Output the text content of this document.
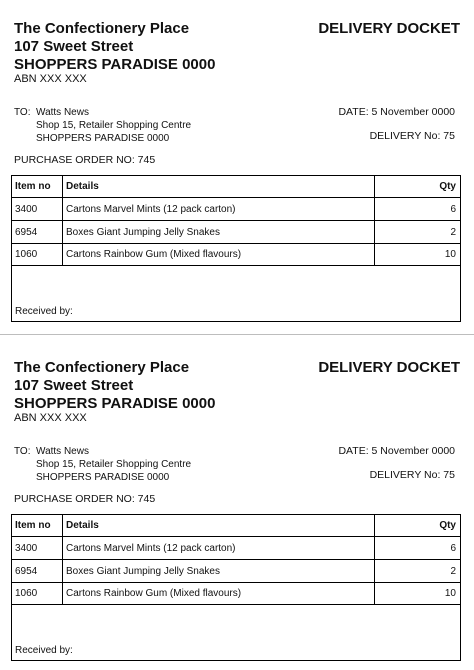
The Confectionery Place
107 Sweet Street
SHOPPERS PARADISE 0000
ABN XXX XXX
DELIVERY DOCKET
TO: Watts News
Shop 15, Retailer Shopping Centre
SHOPPERS PARADISE 0000
DATE: 5 November 0000
DELIVERY No: 75
PURCHASE ORDER NO: 745
Item no	Details	Qty
3400	Cartons Marvel Mints (12 pack carton)	6
6954	Boxes Giant Jumping Jelly Snakes	2
1060	Cartons Rainbow Gum (Mixed flavours)	10
Received by:
The Confectionery Place
107 Sweet Street
SHOPPERS PARADISE 0000
ABN XXX XXX
DELIVERY DOCKET
TO: Watts News
Shop 15, Retailer Shopping Centre
SHOPPERS PARADISE 0000
DATE: 5 November 0000
DELIVERY No: 75
PURCHASE ORDER NO: 745
Item no	Details	Qty
3400	Cartons Marvel Mints (12 pack carton)	6
6954	Boxes Giant Jumping Jelly Snakes	2
1060	Cartons Rainbow Gum (Mixed flavours)	10
Received by:
